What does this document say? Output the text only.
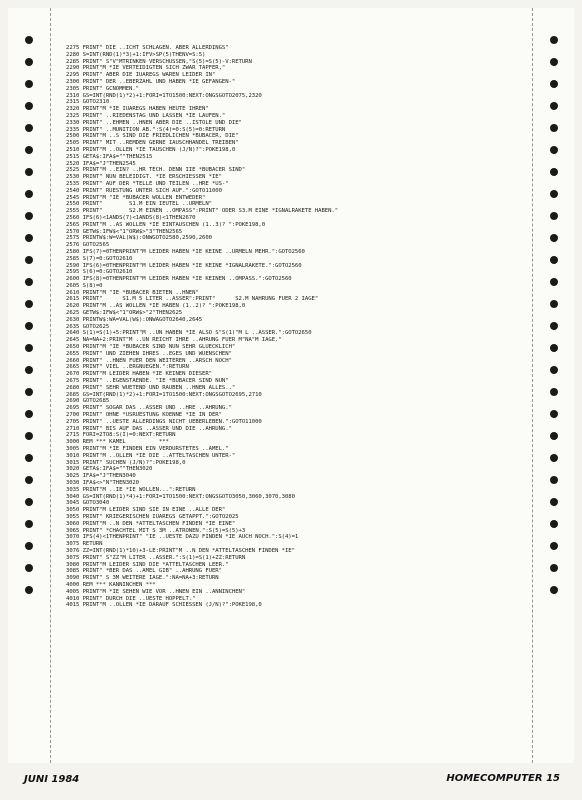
2275 FRINT" DIE ..ICHT SCHLAGEN. ABER ALLERDINGS"
2280 S=INT(RND(1)*3)+1:IFV>SP(5)THENV=S:5)
2285 PRINT" S"V"MTRINKEN VERSCHUSSEN,"S(5)=S(5)-V:RETURN
2290 PRINT"M *IE VERTEIDIGTEN SICH ZWAR TAPFER,"
2295 PRINT" ABER DIE IUAREGS WAREN LEIDER IN"
2300 PRINT" DER ..EBERZAHL UND HABEN *IE GEFANGEN-"
2305 PRINT" GCNOMMEN."
2310 GS=INT(RND(1)*2)+1:FORI=1TO1500:NEXT:ONGSGOTO2075,2320
2315 GOTO2310
2320 PRINT"M *IE IUAREGS HABEN HEUTE IHREN"
2325 PRINT" ..RIEDENSTAG UND LASSEN *IE LAUFEN."
2330 PRINT" ..EHMEN ..HNEN ABER DIE ..ISTOLE UND DIE"
2335 PRINT" ..MUNITION AB.":S(4)=0:S(5)=0:RETURN
2500 PRINT"M ..S SIND DIE FRIEDLICHEN *BUBACER, DIE"
2505 PRINT" MIT ..REMDEN GERNE IAUSCHHANDEL TREIBEN"
2510 PRINT"M ..OLLEN *IE TAUSCHEN (J/N)?":POKE198,0
2515 GETA$:IFA$=""THEN2515
2520 IFA$="J"THEN2545
2525 PRINT"M ..EIN? ..HR TECH. DENN IIE *BUBACER SIND"
2530 PRINT" NUN BELEIDIGT. *IE ERSCHIESSEN *IE"
2535 PRINT" AUF DER *TELLE UND TEILEN ..HRE *US-"
2540 PRINT" RUESTUNG UNTER SICH AUF.":GOTO11000
2545 PRINT"M "IE *BUBACER WOLLEN ENTWEDER"
2550 PRINT"        S1.M EIN IEUTEL ..URMELN"
2555 PRINT"        S2.M EINEN ..OMPASS":PRINT" ODER S3.M EINE *IGNALRAKETE HABEN."
2560 IFS(6)<1ANDS(7)<1ANDS(8)<1THEN2670
2565 PRINT"M ..AS WOLLEN *IE EINTAUSCHEN (1..3)? ":POKE198,0
2570 GETW$:IFW$<"1"ORW$>"3"THEN2565
2575 PRINTW$:W=VAL(W$):ONWGOTO2580,2590,2600
2576 GOTO2565
2580 IFS(7)=0THENPRINT"M LEIDER HABEN *IE KEINE ..URMELN MEHR.":GOTO2560
2585 S(7)=0:GOTO2610
2590 IFS(6)=0THENPRINT"M LEIDER HABEN *IE KEINE *IGNALRAKETE.":GOTO2560
2595 S(6)=0:GOTO2610
2600 IFS(8)=0THENPRINT"M LEIDER HABEN *IE KEINEN ..OMPASS.":GOTO2560
2605 S(8)=0
2610 PRINT"M "IE *BUBACER BIETEN ..HNEN"
2615 PRINT"      S1.M 5 LITER ..ASSER":PRINT"      S2.M NAHRUNG FUER 2 IAGE"
2620 PRINT"M ..AS WOLLEN *IE HABEN (1..2)? ":POKE198,0
2625 GETW$:IFW$<"1"ORW$>"2"THEN2625
2630 PRINTW$:WA=VAL(W$):ONWAGOTO2640,2645
2635 GOTO2625
2640 S(1)=S(1)+5:PRINT"M ..UN HABEN *IE ALSO S"S(1)"M L ..ASSER.":GOTO2650
2645 NA=NA+2:PRINT"M ..UN REICHT IHRE ..AHRUNG FUER M"NA"M IAGE."
2650 PRINT"M "IE *BUBACER SIND NUN SEHR GLUECKLICH"
2655 PRINT" UND ZIEHEN IHRES ..EGES UND WUENSCHEN"
2660 PRINT" ..HNEN FUER DEN WEITEREN ..ARSCH NOCH"
2665 PRINT" VIEL ..ERGNUEGEN.":RETURN
2670 PRINT"M LEIDER HABEN *IE KEINEN DIESER"
2675 PRINT" ..EGENSTAENDE. "IE *BUBACER SIND NUN"
2680 PRINT" SEHR WUETEND UND RAUBEN ..HNEN ALLES.."
2685 GS=INT(RND(1)*2)+1:FORI=1TO1500:NEXT:ONGSGOTO2695,2710
2690 GOTO2685
2695 PRINT" SOGAR DAS ..ASSER UND ..HRE ..AHRUNG."
2700 PRINT" OHNE *USRUESTUNG KOENNE *IE IN DER"
2705 PRINT" ..UESTE ALLERDINGS NICHT UEBERLEBEN.":GOTO11000
2710 PRINT" BIS AUF DAS ..ASSER UND DIE ..AHRUNG."
2715 FORI=2TO8:S(I)=0:NEXT:RETURN
3000 REM *** KAMEL          ***
3005 PRINT"M *IE FINDEN EIN VERDURSTETES ..AMEL."
3010 PRINT"M ..OLLEN *IE DIE ..ATTELTASCHEN UNTER-"
3015 PRINT" SUCHEN (J/N)?":POKE198,0
3020 GETA$:IFA$=""THEN3020
3025 IFA$="J"THEN3040
3030 IFA$<>"N"THEN3020
3035 PRINT"M ..IE *IE WOLLEN...":RETURN
3040 GS=INT(RND(1)*4)+1:FORI=1TO1500:NEXT:ONGSGOTO3050,3060,3070,3080
3045 GOTO3040
3050 PRINT"M LEIDER SIND SIE IN EINE ..ALLE DER"
3055 PRINT" KRIEGERISCHEN IUAREGS GETAPPT.":GOTO2025
3060 PRINT"M ..N DEN *ATTELTASCHEN FINDEN *IE EINE"
3065 PRINT" *CHACHTEL MIT S 3M ..ATRONEN.":S(5)=S(5)+3
3070 IFS(4)<1THENPRINT" "IE ..UESTE DAZU FINDEN *IE AUCH NOCH.":S(4)=1
3075 RETURN
3076 ZZ=INT(RND(1)*10)+3-LE:PRINT"M ..N DEN *ATTELTASCHEN FINDEN *IE"
3075 PRINT" S"ZZ"M LITER ..ASSER.":S(1)=S(1)+ZZ:RETURN
3080 PRINT"M LEIDER SIND DIE *ATTELTASCHEN LEER."
3085 PRINT" *BER DAS ..AMEL GIB" ..AHRUNG FUER"
3090 PRINT" S 3M WEITERE IAGE.":NA=NA+3:RETURN
4000 REM *** KANNINCHEN ***
4005 PRINT"M *IE SEHEN WIE VOR ..HNEN EIN ..ANNINCHEN"
4010 PRINT" DURCH DIE ..UESTE HOPPELT."
4015 PRINT"M ..OLLEN *IE DARAUF SCHIESSEN (J/N)?":POKE198,0
JUNI 1984	HOMECOMPUTER 15
